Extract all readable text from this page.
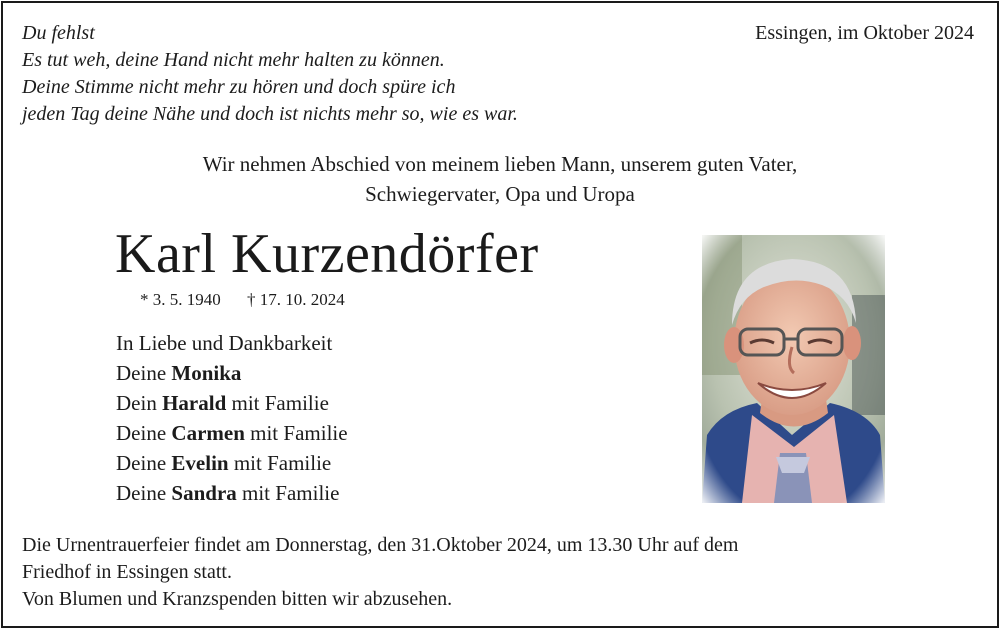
Du fehlst
Es tut weh, deine Hand nicht mehr halten zu können.
Deine Stimme nicht mehr zu hören und doch spüre ich
jeden Tag deine Nähe und doch ist nichts mehr so, wie es war.
Essingen, im Oktober 2024
Wir nehmen Abschied von meinem lieben Mann, unserem guten Vater,
Schwiegervater, Opa und Uropa
Karl Kurzendörfer
* 3. 5. 1940 † 17. 10. 2024
In Liebe und Dankbarkeit
Deine Monika
Dein Harald mit Familie
Deine Carmen mit Familie
Deine Evelin mit Familie
Deine Sandra mit Familie
Die Urnentrauerfeier findet am Donnerstag, den 31.Oktober 2024, um 13.30 Uhr auf dem
Friedhof in Essingen statt.
Von Blumen und Kranzspenden bitten wir abzusehen.
